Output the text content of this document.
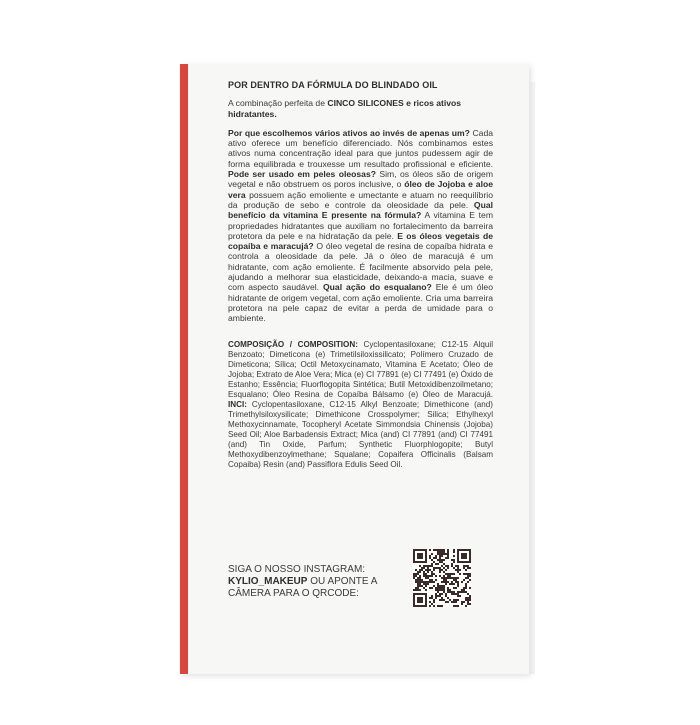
POR DENTRO DA FÓRMULA DO BLINDADO OIL

A combinação perfeita de CINCO SILICONES e ricos ativos hidratantes.

Por que escolhemos vários ativos ao invés de apenas um? Cada ativo oferece um benefício diferenciado. Nós combinamos estes ativos numa concentração ideal para que juntos pudessem agir de forma equilibrada e trouxesse um resultado profissional e eficiente. Pode ser usado em peles oleosas? Sim, os óleos são de origem vegetal e não obstruem os poros inclusive, o óleo de Jojoba e aloe vera possuem ação emoliente e umectante e atuam no reequilíbrio da produção de sebo e controle da oleosidade da pele. Qual benefício da vitamina E presente na fórmula? A vitamina E tem propriedades hidratantes que auxiliam no fortalecimento da barreira protetora da pele e na hidratação da pele. E os óleos vegetais de copaíba e maracujá? O óleo vegetal de resina de copaíba hidrata e controla a oleosidade da pele. Já o óleo de maracujá é um hidratante, com ação emoliente. É facilmente absorvido pela pele, ajudando a melhorar sua elasticidade, deixando-a macia, suave e com aspecto saudável. Qual ação do esqualano? Ele é um óleo hidratante de origem vegetal, com ação emoliente. Cria uma barreira protetora na pele capaz de evitar a perda de umidade para o ambiente.

COMPOSIÇÃO / COMPOSITION: Cyclopentasiloxane; C12-15 Alquil Benzoato; Dimeticona (e) Trimetilsiloxissilicato; Polímero Cruzado de Dimeticona; Sílica; Octil Metoxycinamato, Vitamina E Acetato; Óleo de Jojoba; Extrato de Aloe Vera; Mica (e) CI 77891 (e) CI 77491 (e) Óxido de Estanho; Essência; Fluorflogopita Sintética; Butil Metoxidibenzoilmetano; Esqualano; Óleo Resina de Copaíba Bálsamo (e) Óleo de Maracujá. INCI: Cyclopentasiloxane, C12-15 Alkyl Benzoate; Dimethicone (and) Trimethylsiloxysilicate; Dimethicone Crosspolymer; Silica; Ethylhexyl Methoxycinnamate, Tocopheryl Acetate Simmondsia Chinensis (Jojoba) Seed Oil; Aloe Barbadensis Extract; Mica (and) CI 77891 (and) CI 77491 (and) Tin Oxide, Parfum; Synthetic Fluorphlogopite; Butyl Methoxydibenzoylmethane; Squalane; Copaifera Officinalis (Balsam Copaiba) Resin (and) Passiflora Edulis Seed Oil.

SIGA O NOSSO INSTAGRAM: KYLIO_MAKEUP OU APONTE A CÂMERA PARA O QRCODE:
